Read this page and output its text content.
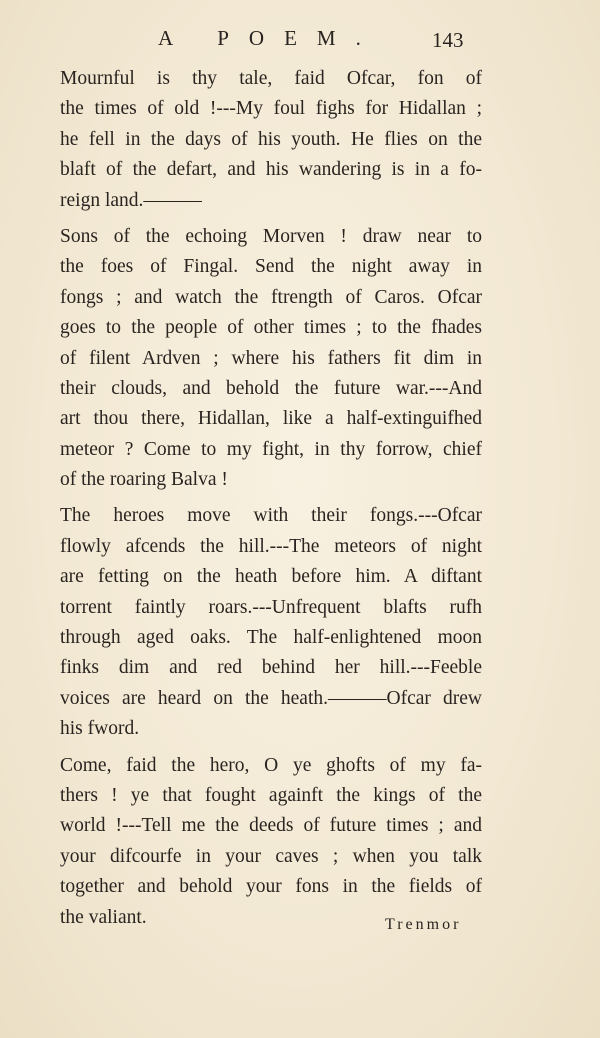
A POEM. 143
Mournful is thy tale, faid Ofcar, fon of
the times of old !---My foul fighs for Hidallan ;
he fell in the days of his youth. He flies on the
blaft of the defart, and his wandering is in a fo-
reign land.———
Sons of the echoing Morven ! draw near to
the foes of Fingal. Send the night away in
fongs ; and watch the ftrength of Caros. Ofcar
goes to the people of other times ; to the fhades
of filent Ardven ; where his fathers fit dim in
their clouds, and behold the future war.---And
art thou there, Hidallan, like a half-extinguifhed
meteor ? Come to my fight, in thy forrow, chief
of the roaring Balva !
The heroes move with their fongs.---Ofcar
flowly afcends the hill.---The meteors of night
are fetting on the heath before him. A diftant
torrent faintly roars.---Unfrequent blafts rufh
through aged oaks. The half-enlightened moon
finks dim and red behind her hill.---Feeble
voices are heard on the heath.———Ofcar drew
his fword.
Come, faid the hero, O ye ghofts of my fa-
thers ! ye that fought againft the kings of the
world !---Tell me the deeds of future times ; and
your difcourfe in your caves ; when you talk
together and behold your fons in the fields of
the valiant.	Trenmor
